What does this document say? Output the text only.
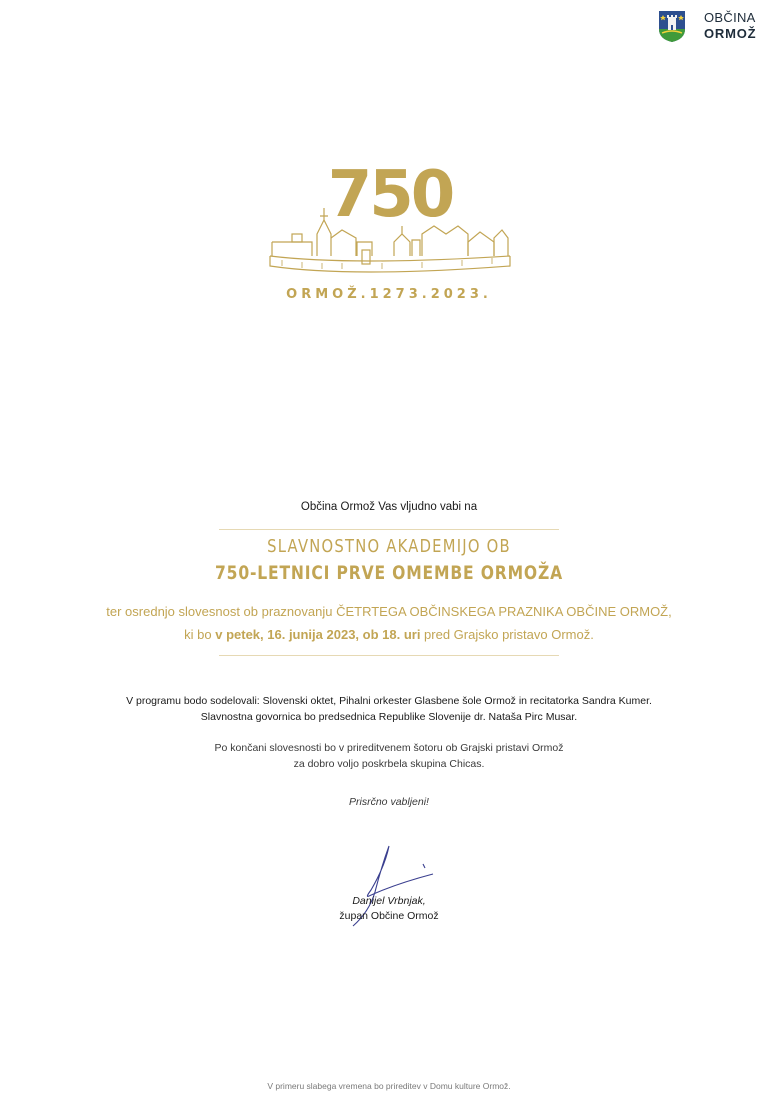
OBČINA
ORMOŽ
750
ORMOŽ.1273.2023.
Občina Ormož Vas vljudno vabi na
SLAVNOSTNO AKADEMIJO OB
750-LETNICI PRVE OMEMBE ORMOŽA
ter osrednjo slovesnost ob praznovanju ČETRTEGA OBČINSKEGA PRAZNIKA OBČINE ORMOŽ,
ki bo v petek, 16. junija 2023, ob 18. uri pred Grajsko pristavo Ormož.
V programu bodo sodelovali: Slovenski oktet, Pihalni orkester Glasbene šole Ormož in recitatorka Sandra Kumer.
Slavnostna govornica bo predsednica Republike Slovenije dr. Nataša Pirc Musar.
Po končani slovesnosti bo v prireditvenem šotoru ob Grajski pristavi Ormož
za dobro voljo poskrbela skupina Chicas.
Prisrčno vabljeni!
Danijel Vrbnjak,
župan Občine Ormož
V primeru slabega vremena bo prireditev v Domu kulture Ormož.
